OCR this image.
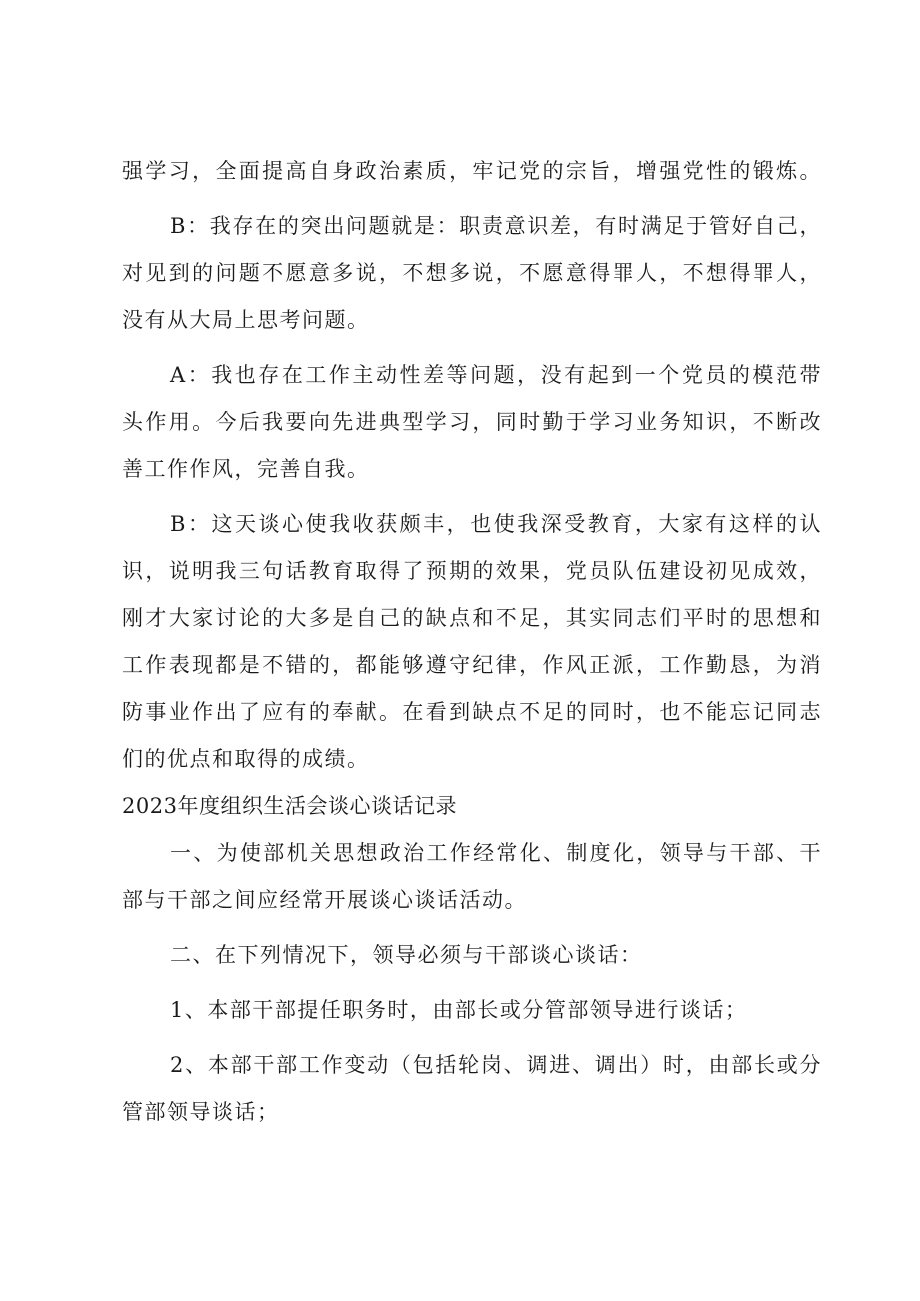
强学习，全面提高自身政治素质，牢记党的宗旨，增强党性的锻炼。
B：我存在的突出问题就是：职责意识差，有时满足于管好自己，
对见到的问题不愿意多说，不想多说，不愿意得罪人，不想得罪人，
没有从大局上思考问题。
A：我也存在工作主动性差等问题，没有起到一个党员的模范带
头作用。今后我要向先进典型学习，同时勤于学习业务知识，不断改
善工作作风，完善自我。
B：这天谈心使我收获颇丰，也使我深受教育，大家有这样的认
识，说明我三句话教育取得了预期的效果，党员队伍建设初见成效，
刚才大家讨论的大多是自己的缺点和不足，其实同志们平时的思想和
工作表现都是不错的，都能够遵守纪律，作风正派，工作勤恳，为消
防事业作出了应有的奉献。在看到缺点不足的同时，也不能忘记同志
们的优点和取得的成绩。
2023年度组织生活会谈心谈话记录
一、为使部机关思想政治工作经常化、制度化，领导与干部、干
部与干部之间应经常开展谈心谈话活动。
二、在下列情况下，领导必须与干部谈心谈话：
1、本部干部提任职务时，由部长或分管部领导进行谈话；
2、本部干部工作变动（包括轮岗、调进、调出）时，由部长或分
管部领导谈话；
